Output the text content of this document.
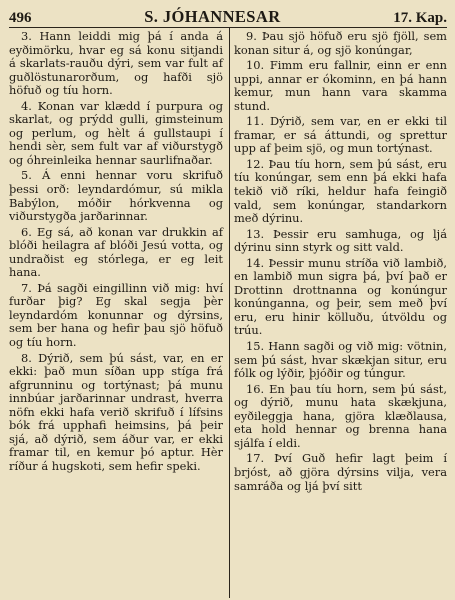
496	S. JÓHANNESAR	17. Kap.

3. Hann leiddi mig þá í anda á eyðimörku, hvar eg sá konu sitjandi á skarlats-rauðu dýri, sem var fult af guðlöstunarorðum, og hafði sjö höfuð og tíu horn.

4. Konan var klædd í purpura og skarlat, og prýdd gulli, gimsteinum og perlum, og hèlt á gullstaupi í hendi sèr, sem fult var af viðurstygð og óhreinleika hennar saurlifnaðar.

5. Á enni hennar voru skrifuð þessi orð: leyndardómur, sú mikla Babýlon, móðir hórkvenna og viðurstygða jarðarinnar.

6. Eg sá, að konan var drukkin af blóði heilagra af blóði Jesú votta, og undraðist eg stórlega, er eg leit hana.

7. Þá sagði eingillinn við mig: hví furðar þig? Eg skal segja þèr leyndardóm konunnar og dýrsins, sem ber hana og hefir þau sjö höfuð og tíu horn.

8. Dýrið, sem þú sást, var, en er ekki: það mun síðan upp stíga frá afgrunninu og tortýnast; þá munu innbúar jarðarinnar undrast, hverra nöfn ekki hafa verið skrifuð í lífsins bók frá upphafi heimsins, þá þeir sjá, að dýrið, sem áður var, er ekki framar til, en kemur þó aptur. Hèr ríður á hugskoti, sem hefir speki.

9. Þau sjö höfuð eru sjö fjöll, sem konan situr á, og sjö konúngar,

10. Fimm eru fallnir, einn er enn uppi, annar er ókominn, en þá hann kemur, mun hann vara skamma stund.

11. Dýrið, sem var, en er ekki til framar, er sá áttundi, og sprettur upp af þeim sjö, og mun tortýnast.

12. Þau tíu horn, sem þú sást, eru tíu konúngar, sem enn þá ekki hafa tekið við ríki, heldur hafa feingið vald, sem konúngar, standarkorn með dýrinu.

13. Þessir eru samhuga, og ljá dýrinu sinn styrk og sitt vald.

14. Þessir munu stríða við lambið, en lambið mun sigra þá, því það er Drottinn drottnanna og konúngur konúnganna, og þeir, sem með því eru, eru hinir kölluðu, útvöldu og trúu.

15. Hann sagði og við mig: vötnin, sem þú sást, hvar skækjan situr, eru fólk og lýðir, þjóðir og túngur.

16. En þau tíu horn, sem þú sást, og dýrið, munu hata skækjuna, eyðileggja hana, gjöra klæðlausa, eta hold hennar og brenna hana sjálfa í eldi.

17. Því Guð hefir lagt þeim í brjóst, að gjöra dýrsins vilja, vera samráða og ljá því sitt
